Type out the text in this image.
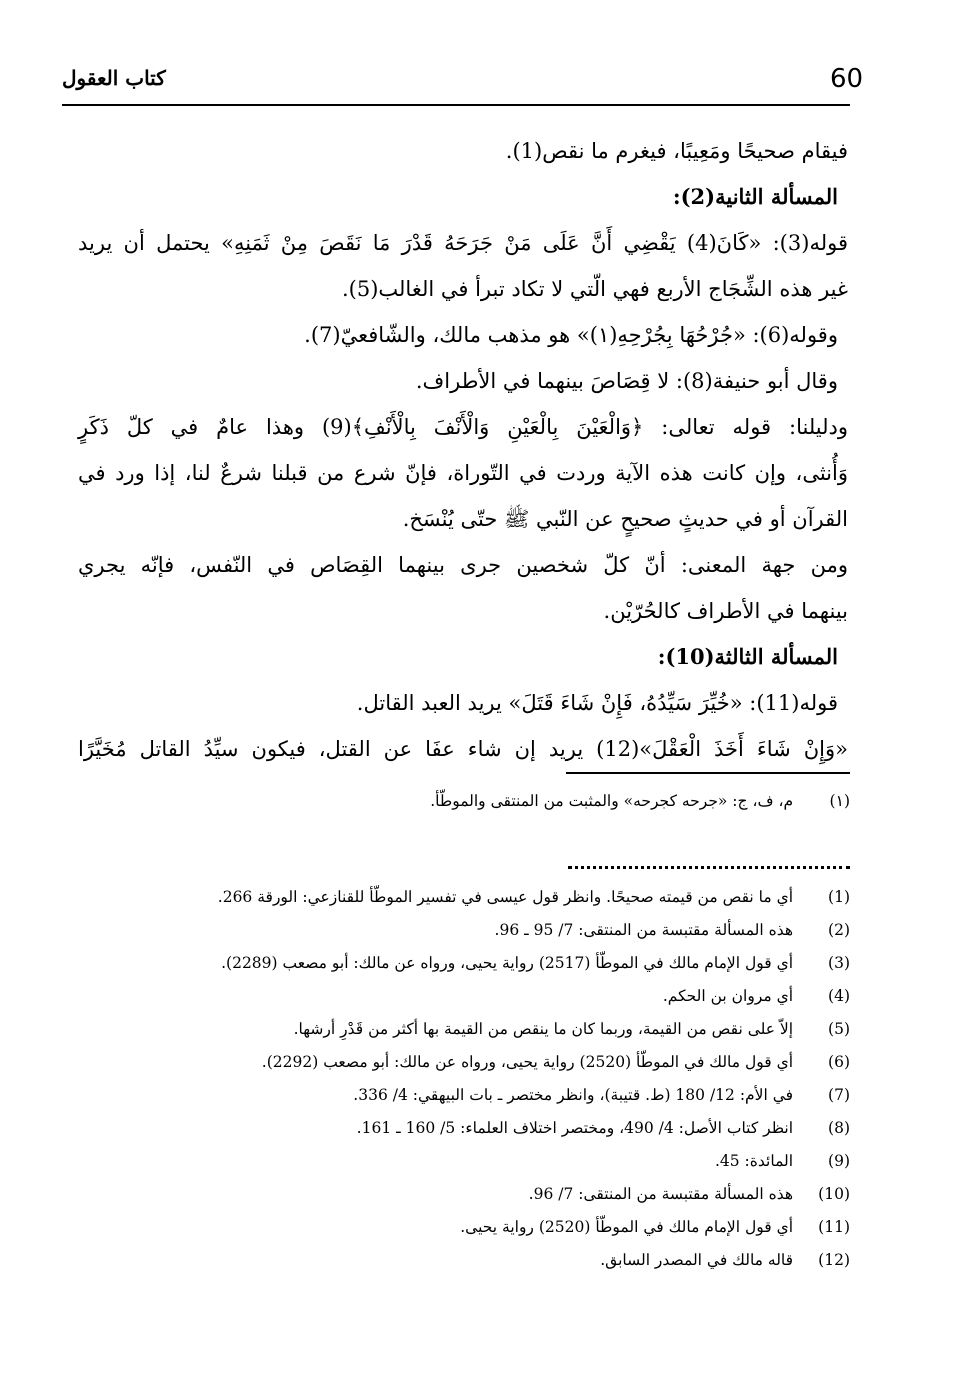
60
كتاب العقول
فيقام صحيحًا ومَعِيبًا، فيغرم ما نقص(1).
المسألة الثانية(2):
قوله(3): «كَانَ(4) يَقْضِي أَنَّ عَلَى مَنْ جَرَحَهُ قَدْرَ مَا نَقَصَ مِنْ ثَمَنِهِ» يحتمل أن يريد
غير هذه الشِّجَاج الأربع فهي الّتي لا تكاد تبرأ في الغالب(5).
وقوله(6): «جُرْحُهَا بِجُرْحِهِ(١)» هو مذهب مالك، والشّافعيّ(7).
وقال أبو حنيفة(8): لا قِصَاصَ بينهما في الأطراف.
ودليلنا: قوله تعالى: ﴿وَالْعَيْنَ بِالْعَيْنِ وَالْأَنْفَ بِالْأَنْفِ﴾(9) وهذا عامٌ في كلّ ذَكَرٍ
وَأُنثى، وإن كانت هذه الآية وردت في التّوراة، فإنّ شرع من قبلنا شرعٌ لنا، إذا ورد في
القرآن أو في حديثٍ صحيحٍ عن النّبي ﷺ حتّى يُنْسَخ.
ومن جهة المعنى: أنّ كلّ شخصين جرى بينهما القِصَاص في النّفس، فإنّه يجري
بينهما في الأطراف كالحُرّيْن.
المسألة الثالثة(10):
قوله(11): «خُيِّرَ سَيِّدُهُ، فَإِنْ شَاءَ قَتَلَ» يريد العبد القاتل.
«وَإِنْ شَاءَ أَخَذَ الْعَقْلَ»(12) يريد إن شاء عفَا عن القتل، فيكون سيِّدُ القاتل مُخَيَّرًا
(١) م، ف، ج: «جرحه كجرحه» والمثبت من المنتقى والموطّأ.
(1) أي ما نقص من قيمته صحيحًا. وانظر قول عيسى في تفسير الموطّأ للقنازعي: الورقة 266.
(2) هذه المسألة مقتبسة من المنتقى: 7/ 95 ـ 96.
(3) أي قول الإمام مالك في الموطّأ (2517) رواية يحيى، ورواه عن مالك: أبو مصعب (2289).
(4) أي مروان بن الحكم.
(5) إلاّ على نقص من القيمة، وربما كان ما ينقص من القيمة بها أكثر من قَدْرِ أرشها.
(6) أي قول مالك في الموطّأ (2520) رواية يحيى، ورواه عن مالك: أبو مصعب (2292).
(7) في الأم: 12/ 180 (ط. قتيبة)، وانظر مختصر ـ بات البيهقي: 4/ 336.
(8) انظر كتاب الأصل: 4/ 490، ومختصر اختلاف العلماء: 5/ 160 ـ 161.
(9) المائدة: 45.
(10) هذه المسألة مقتبسة من المنتقى: 7/ 96.
(11) أي قول الإمام مالك في الموطّأ (2520) رواية يحيى.
(12) قاله مالك في المصدر السابق.
